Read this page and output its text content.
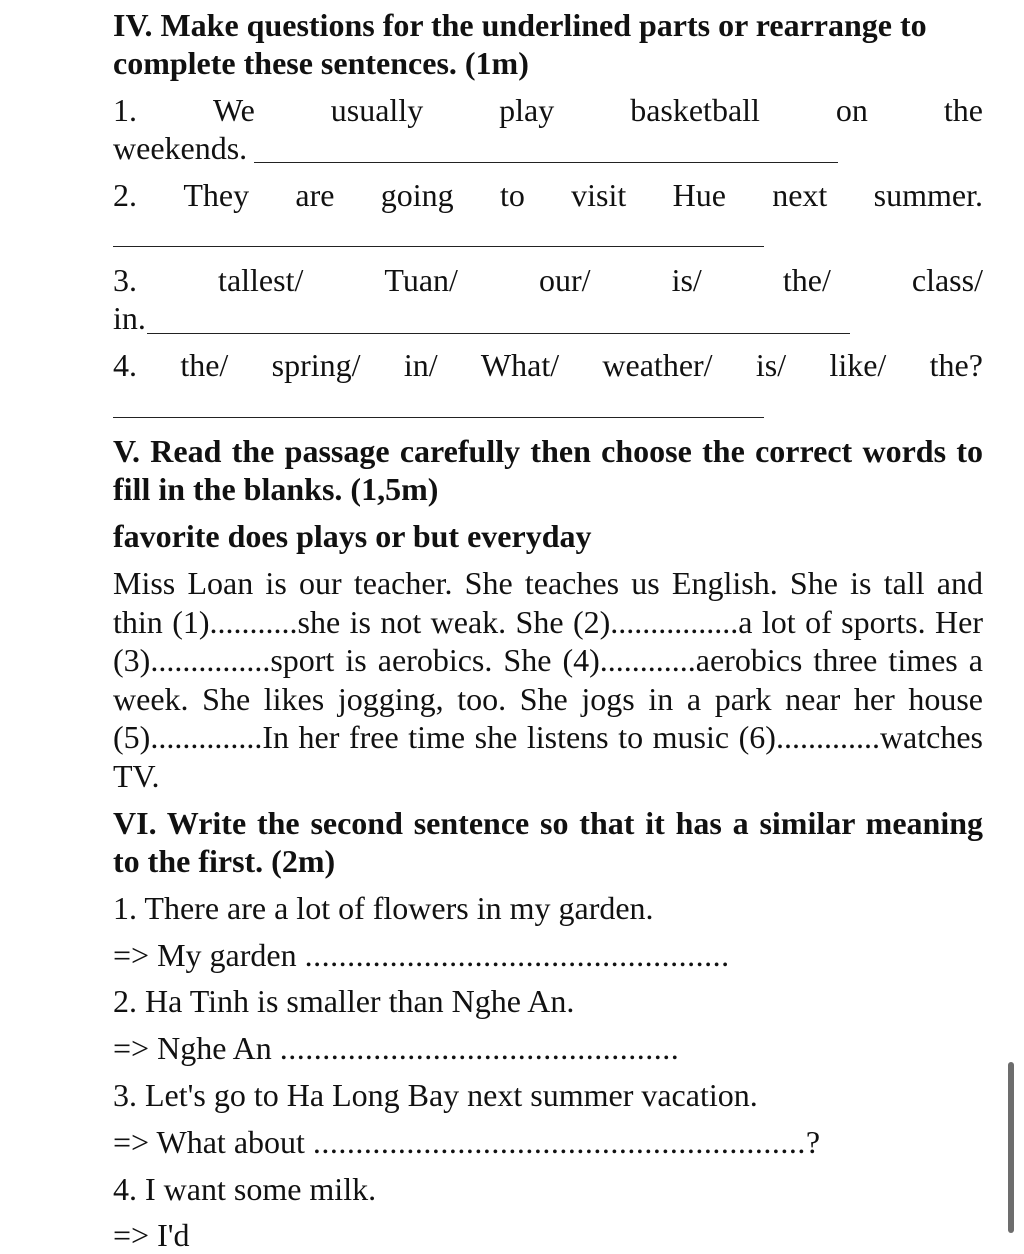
IV. Make questions for the underlined parts or rearrange to
complete these sentences. (1m)
1. We usually play basketball on the
weekends.
2. They are going to visit Hue next summer.
3.	tallest/	Tuan/	our/	is/	the/	class/
in.
4. the/ spring/ in/ What/ weather/ is/ like/ the?
V. Read the passage carefully then choose the correct words to fill in the blanks. (1,5m)
favorite does plays or but everyday
Miss Loan is our teacher. She teaches us English. She is tall and thin (1)...........she is not weak. She (2)................a lot of sports. Her (3)...............sport is aerobics. She (4)............aerobics three times a week. She likes jogging, too. She jogs in a park near her house (5)..............In her free time she listens to music (6).............watches TV.
VI. Write the second sentence so that it has a similar meaning to the first. (2m)
1. There are a lot of flowers in my garden.
=> My garden ..................................................
2. Ha Tinh is smaller than Nghe An.
=> Nghe An ...............................................
3. Let's go to Ha Long Bay next summer vacation.
=> What about ..........................................................?
4. I want some milk.
=> I'd
